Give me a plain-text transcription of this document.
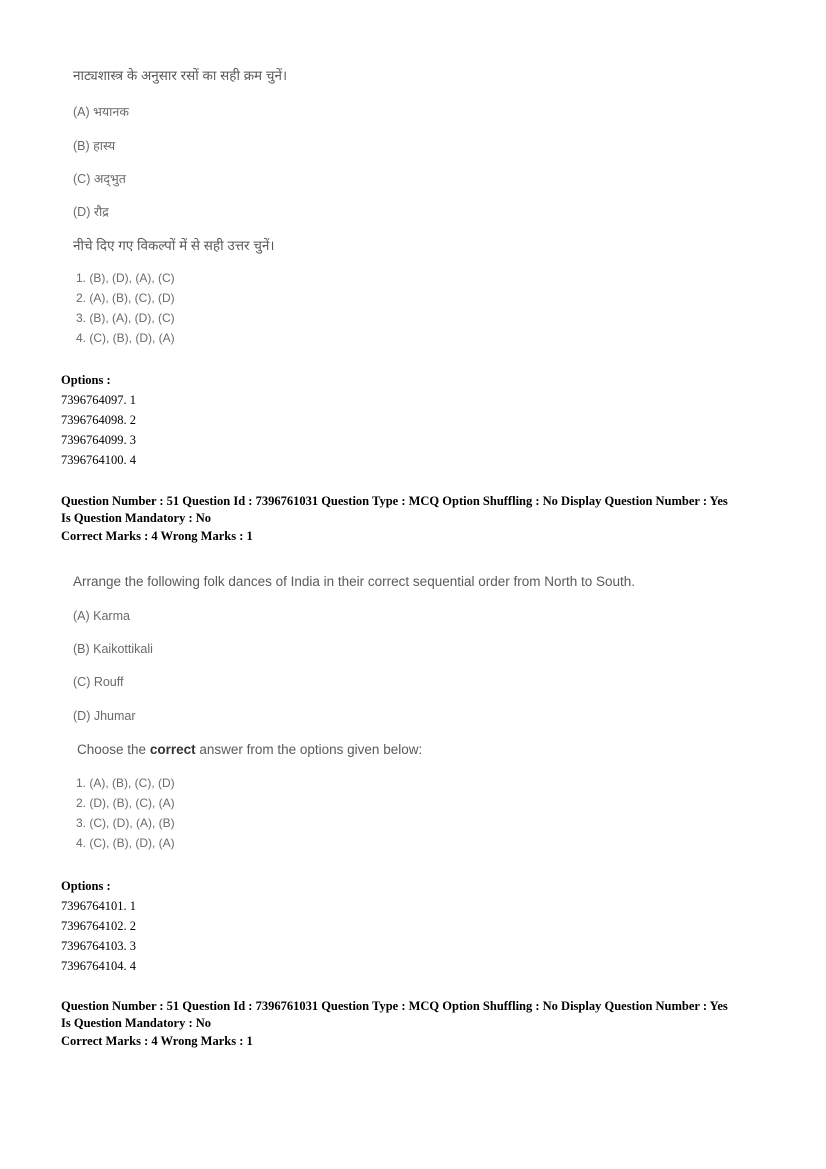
नाट्यशास्त्र के अनुसार रसों का सही क्रम चुनें।

(A) भयानक

(B) हास्य

(C) अद्‌भुत

(D) रौद्र

नीचे दिए गए विकल्पों में से सही उत्तर चुनें।

1. (B), (D), (A), (C)

2. (A), (B), (C), (D)

3. (B), (A), (D), (C)

4. (C), (B), (D), (A)

Options :
7396764097. 1
7396764098. 2
7396764099. 3
7396764100. 4
Question Number : 51 Question Id : 7396761031 Question Type : MCQ Option Shuffling : No Display Question Number : Yes
Is Question Mandatory : No
Correct Marks : 4 Wrong Marks : 1

Arrange the following folk dances of India in their correct sequential order from North to South.

(A) Karma

(B) Kaikottikali

(C) Rouff

(D) Jhumar

Choose the correct answer from the options given below:

1. (A), (B), (C), (D)

2. (D), (B), (C), (A)

3. (C), (D), (A), (B)

4. (C), (B), (D), (A)

Options :
7396764101. 1
7396764102. 2
7396764103. 3
7396764104. 4
Question Number : 51 Question Id : 7396761031 Question Type : MCQ Option Shuffling : No Display Question Number : Yes
Is Question Mandatory : No
Correct Marks : 4 Wrong Marks : 1
